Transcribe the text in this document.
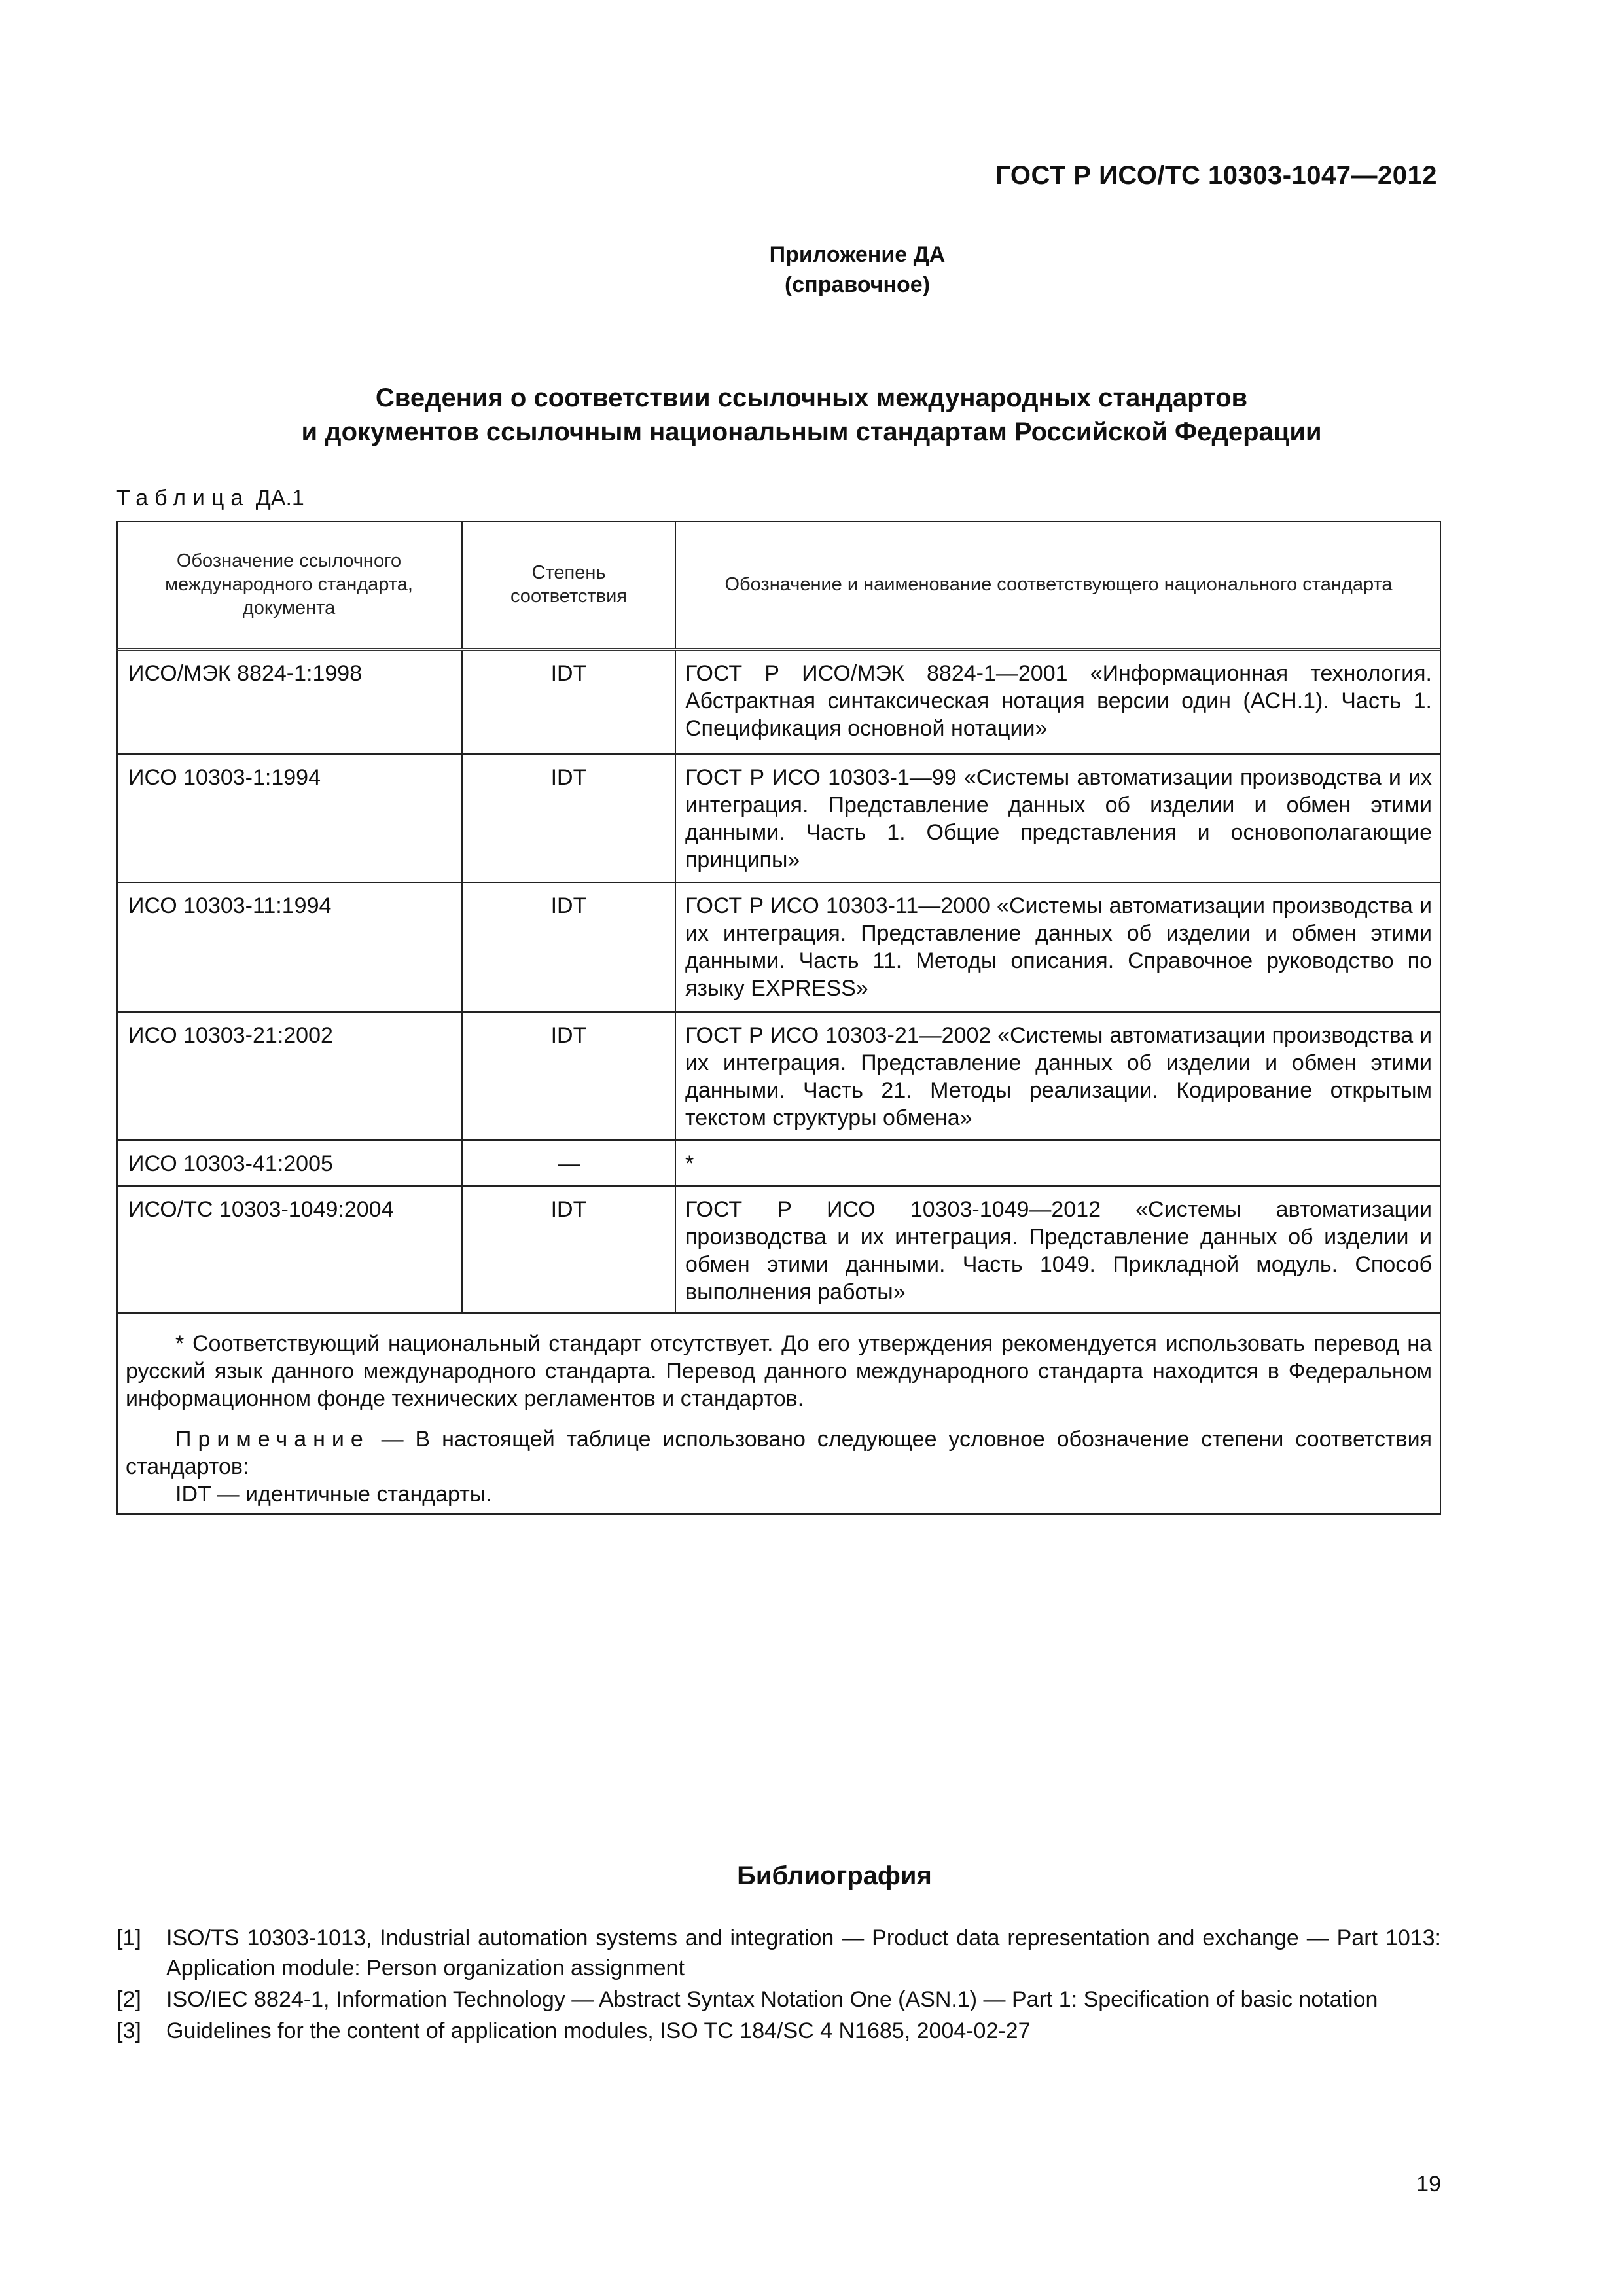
ГОСТ Р ИСО/ТС 10303-1047—2012
Приложение ДА
(справочное)
Сведения о соответствии ссылочных международных стандартов
и документов ссылочным национальным стандартам Российской Федерации
Таблица ДА.1
Обозначение ссылочного международного стандарта, документа	Степень соответствия	Обозначение и наименование соответствующего национального стандарта
ИСО/МЭК 8824-1:1998	IDT	ГОСТ Р ИСО/МЭК 8824-1—2001 «Информационная технология. Абстрактная синтаксическая нотация версии один (АСН.1). Часть 1. Спецификация основной нотации»
ИСО 10303-1:1994	IDT	ГОСТ Р ИСО 10303-1—99 «Системы автоматизации производства и их интеграция. Представление данных об изделии и обмен этими данными. Часть 1. Общие представления и основополагающие принципы»
ИСО 10303-11:1994	IDT	ГОСТ Р ИСО 10303-11—2000 «Системы автоматизации производства и их интеграция. Представление данных об изделии и обмен этими данными. Часть 11. Методы описания. Справочное руководство по языку EXPRESS»
ИСО 10303-21:2002	IDT	ГОСТ Р ИСО 10303-21—2002 «Системы автоматизации производства и их интеграция. Представление данных об изделии и обмен этими данными. Часть 21. Методы реализации. Кодирование открытым текстом структуры обмена»
ИСО 10303-41:2005	—	*
ИСО/ТС 10303-1049:2004	IDT	ГОСТ Р ИСО 10303-1049—2012 «Системы автоматизации производства и их интеграция. Представление данных об изделии и обмен этими данными. Часть 1049. Прикладной модуль. Способ выполнения работы»

* Соответствующий национальный стандарт отсутствует. До его утверждения рекомендуется использовать перевод на русский язык данного международного стандарта. Перевод данного международного стандарта находится в Федеральном информационном фонде технических регламентов и стандартов.

Примечание — В настоящей таблице использовано следующее условное обозначение степени соответствия стандартов:

IDT — идентичные стандарты.

Библиография
[1] ISO/TS 10303-1013, Industrial automation systems and integration — Product data representation and exchange — Part 1013: Application module: Person organization assignment
[2] ISO/IEC 8824-1, Information Technology — Abstract Syntax Notation One (ASN.1) — Part 1: Specification of basic notation
[3] Guidelines for the content of application modules, ISO TC 184/SC 4 N1685, 2004-02-27
19
